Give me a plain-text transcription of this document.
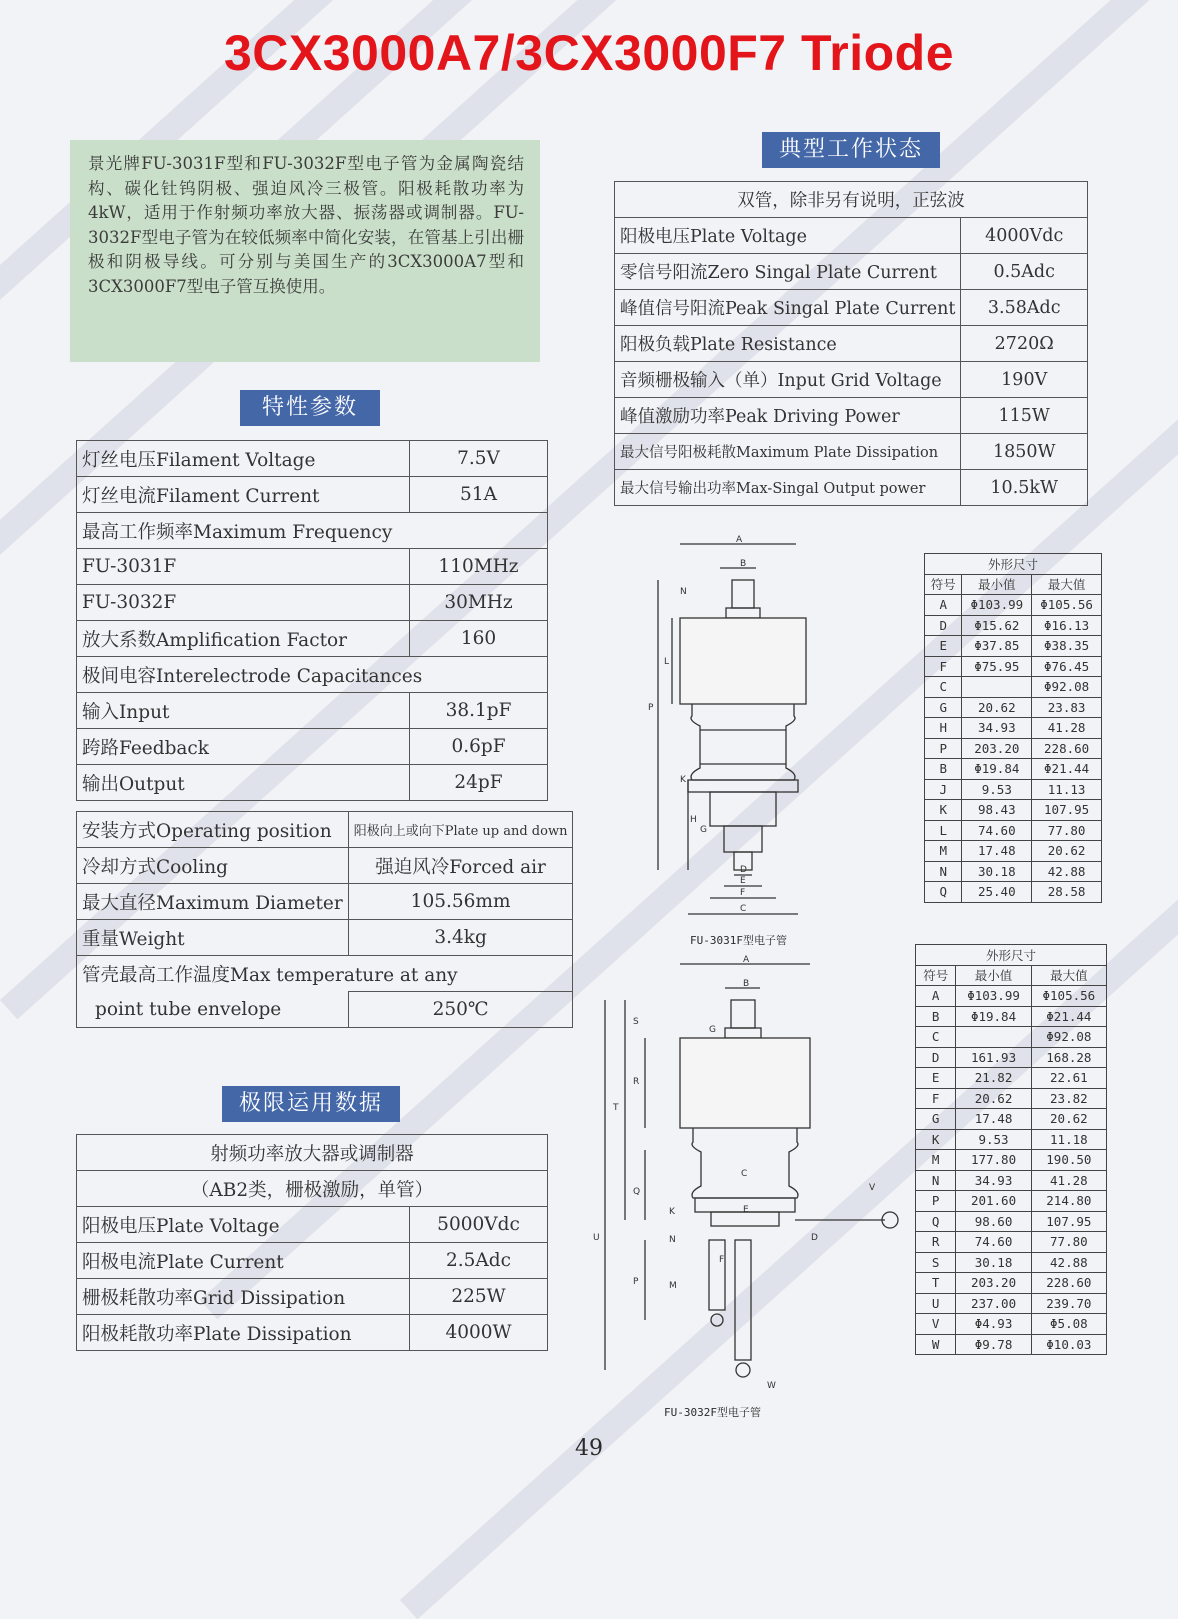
3CX3000A7/3CX3000F7 Triode
景光牌FU-3031F型和FU-3032F型电子管为金属陶瓷结构、碳化钍钨阴极、强迫风冷三极管。阳极耗散功率为4kW，适用于作射频功率放大器、振荡器或调制器。FU-3032F型电子管为在较低频率中简化安装，在管基上引出栅极和阴极导线。可分别与美国生产的3CX3000A7型和3CX3000F7型电子管互换使用。
特性参数
灯丝电压Filament Voltage	7.5V
灯丝电流Filament Current	51A
最高工作频率Maximum Frequency	
FU-3031F	110MHz
FU-3032F	30MHz
放大系数Amplification Factor	160
极间电容Interelectrode Capacitances	
输入Input	38.1pF
跨路Feedback	0.6pF
输出Output	24pF
安装方式Operating position	阳极向上或向下Plate up and down
冷却方式Cooling	强迫风冷Forced air
最大直径Maximum Diameter	105.56mm
重量Weight	3.4kg
管壳最高工作温度Max temperature at any	
point tube envelope	250℃
极限运用数据
射频功率放大器或调制器	
（AB2类，栅极激励，单管）	
阳极电压Plate Voltage	5000Vdc
阳极电流Plate Current	2.5Adc
栅极耗散功率Grid Dissipation	225W
阳极耗散功率Plate Dissipation	4000W
典型工作状态
双管，除非另有说明，正弦波	
阳极电压Plate Voltage	4000Vdc
零信号阳流Zero Singal Plate Current	0.5Adc
峰值信号阳流Peak Singal Plate Current	3.58Adc
阳极负载Plate Resistance	2720Ω
音频栅极输入（单）Input Grid Voltage	190V
峰值激励功率Peak Driving Power	115W
最大信号阳极耗散Maximum Plate Dissipation	1850W
最大信号输出功率Max-Singal Output power	10.5kW
A
B
P
L
N
K
H
G
D
E
F
C
FU-3031F型电子管
A
B
U
T
S
R
Q
P
K
N
M
G
C
E
D
V
W
F
FU-3032F型电子管
外形尺寸		
符号	最小值	最大值
A	Φ103.99	Φ105.56
D	Φ15.62	Φ16.13
E	Φ37.85	Φ38.35
F	Φ75.95	Φ76.45
C		Φ92.08
G	20.62	23.83
H	34.93	41.28
P	203.20	228.60
B	Φ19.84	Φ21.44
J	9.53	11.13
K	98.43	107.95
L	74.60	77.80
M	17.48	20.62
N	30.18	42.88
Q	25.40	28.58
外形尺寸		
符号	最小值	最大值
A	Φ103.99	Φ105.56
B	Φ19.84	Φ21.44
C		Φ92.08
D	161.93	168.28
E	21.82	22.61
F	20.62	23.82
G	17.48	20.62
K	9.53	11.18
M	177.80	190.50
N	34.93	41.28
P	201.60	214.80
Q	98.60	107.95
R	74.60	77.80
S	30.18	42.88
T	203.20	228.60
U	237.00	239.70
V	Φ4.93	Φ5.08
W	Φ9.78	Φ10.03
49
